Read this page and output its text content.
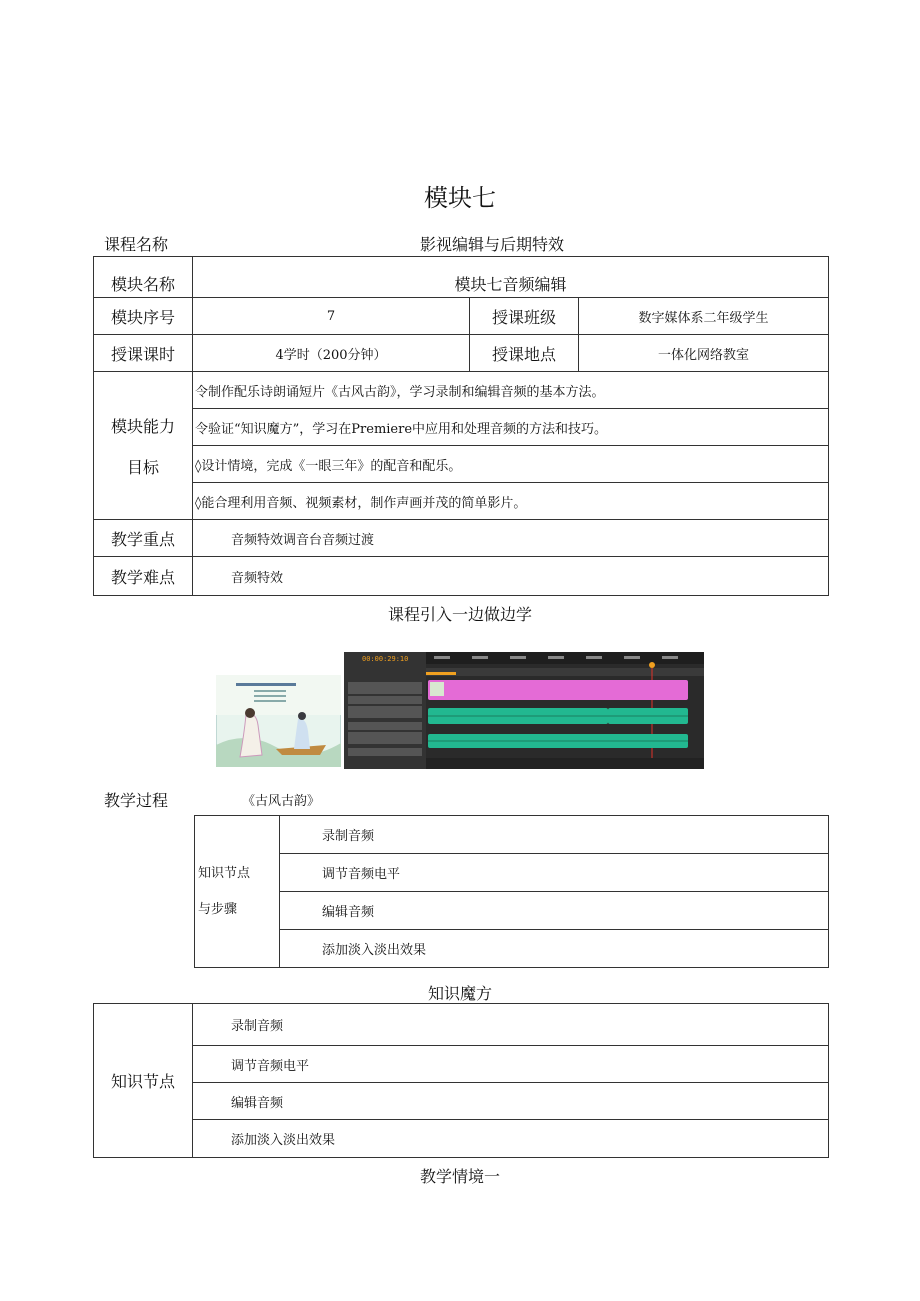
模块七
课程名称	影视编辑与后期特效
模块名称	模块七音频编辑		
模块序号	7	授课班级	数字媒体系二年级学生
授课课时	4学时（200分钟）	授课地点	一体化网络教室

模块能力
目标	令制作配乐诗朗诵短片《古风古韵》，学习录制和编辑音频的基本方法。		
	令验证“知识魔方”，学习在Premiere中应用和处理音频的方法和技巧。		
	◊设计情境，完成《一眼三年》的配音和配乐。		
	◊能合理利用音频、视频素材，制作声画并茂的简单影片。		
教学重点	音频特效调音台音频过渡		
教学难点	音频特效		
课程引入一边做边学
00:00:29:10
教学过程	《古风古韵》
知识节点
与步骤
	录制音频
调节音频电平
编辑音频
添加淡入淡出效果
知识魔方
知识节点	录制音频
调节音频电平
编辑音频
添加淡入淡出效果
教学情境一
